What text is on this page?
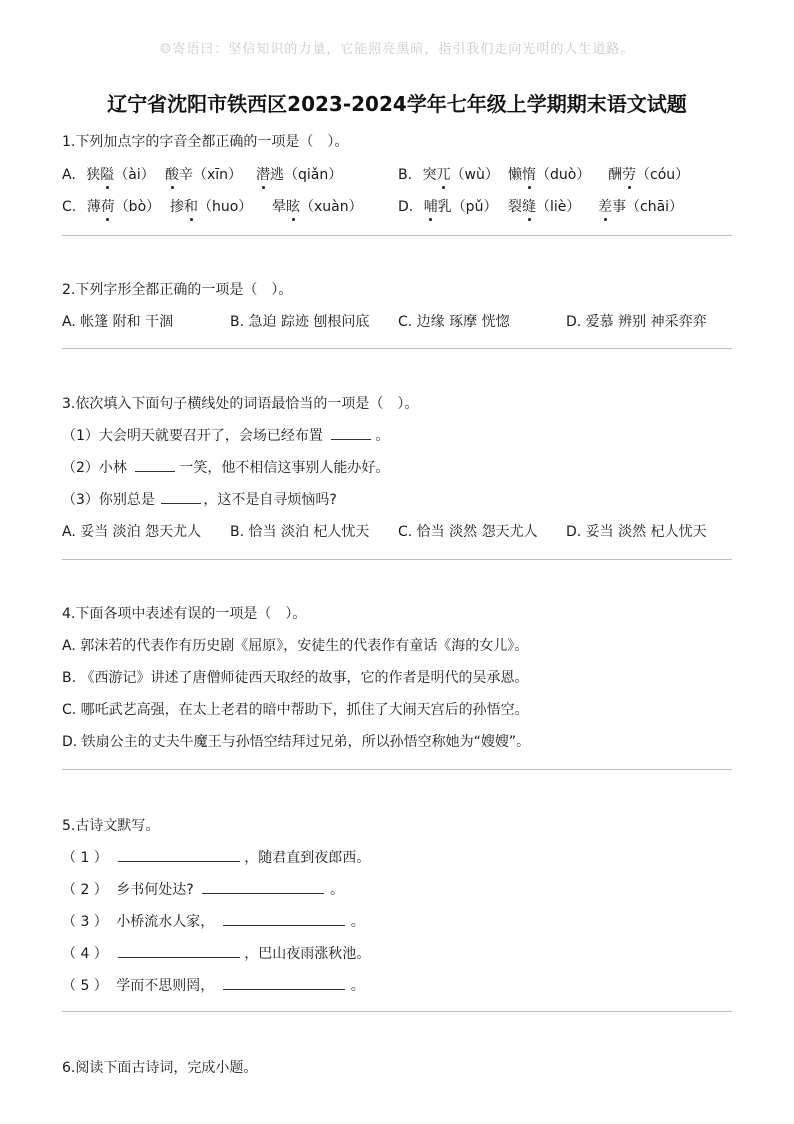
☺寄语曰：坚信知识的力量，它能照亮黑暗，指引我们走向光明的人生道路。
辽宁省沈阳市铁西区2023-2024学年七年级上学期期末语文试题
1.下列加点字的字音全都正确的一项是（　）。
A. 狭隘（ài） 酸辛（xīn） 潜逃（qiǎn）	B. 突兀（wù） 懒惰（duò） 酬劳（cóu）
C. 薄荷（bò） 掺和（huo） 晕眩（xuàn）	D. 哺乳（pǔ） 裂缝（liè） 差事（chāi）
2.下列字形全都正确的一项是（　）。
A. 帐篷 附和 干涸	B. 急迫 踪迹 刨根问底 C. 边缘 琢摩 恍惚	D. 爱慕 辨别 神采弈弈
3.依次填入下面句子横线处的词语最恰当的一项是（　）。
（1）大会明天就要召开了，会场已经布置	。
（2）小林	一笑，他不相信这事别人能办好。
（3）你别总是	，这不是自寻烦恼吗?
A. 妥当 淡泊 怨天尤人 B. 恰当 淡泊 杞人忧天 C. 恰当 淡然 怨天尤人 D. 妥当 淡然 杞人忧天
4.下面各项中表述有误的一项是（　）。
A. 郭沫若的代表作有历史剧《屈原》，安徒生的代表作有童话《海的女儿》。
B. 《西游记》讲述了唐僧师徒西天取经的故事，它的作者是明代的吴承恩。
C. 哪吒武艺高强，在太上老君的暗中帮助下，抓住了大闹天宫后的孙悟空。
D. 铁扇公主的丈夫牛魔王与孙悟空结拜过兄弟，所以孙悟空称她为“嫂嫂”。
5.古诗文默写。
（ 1 ）	，随君直到夜郎西。
（ 2 ） 乡书何处达?	。
（ 3 ） 小桥流水人家，	。
（ 4 ）	，巴山夜雨涨秋池。
（ 5 ） 学而不思则罔，	。
6.阅读下面古诗词，完成小题。
